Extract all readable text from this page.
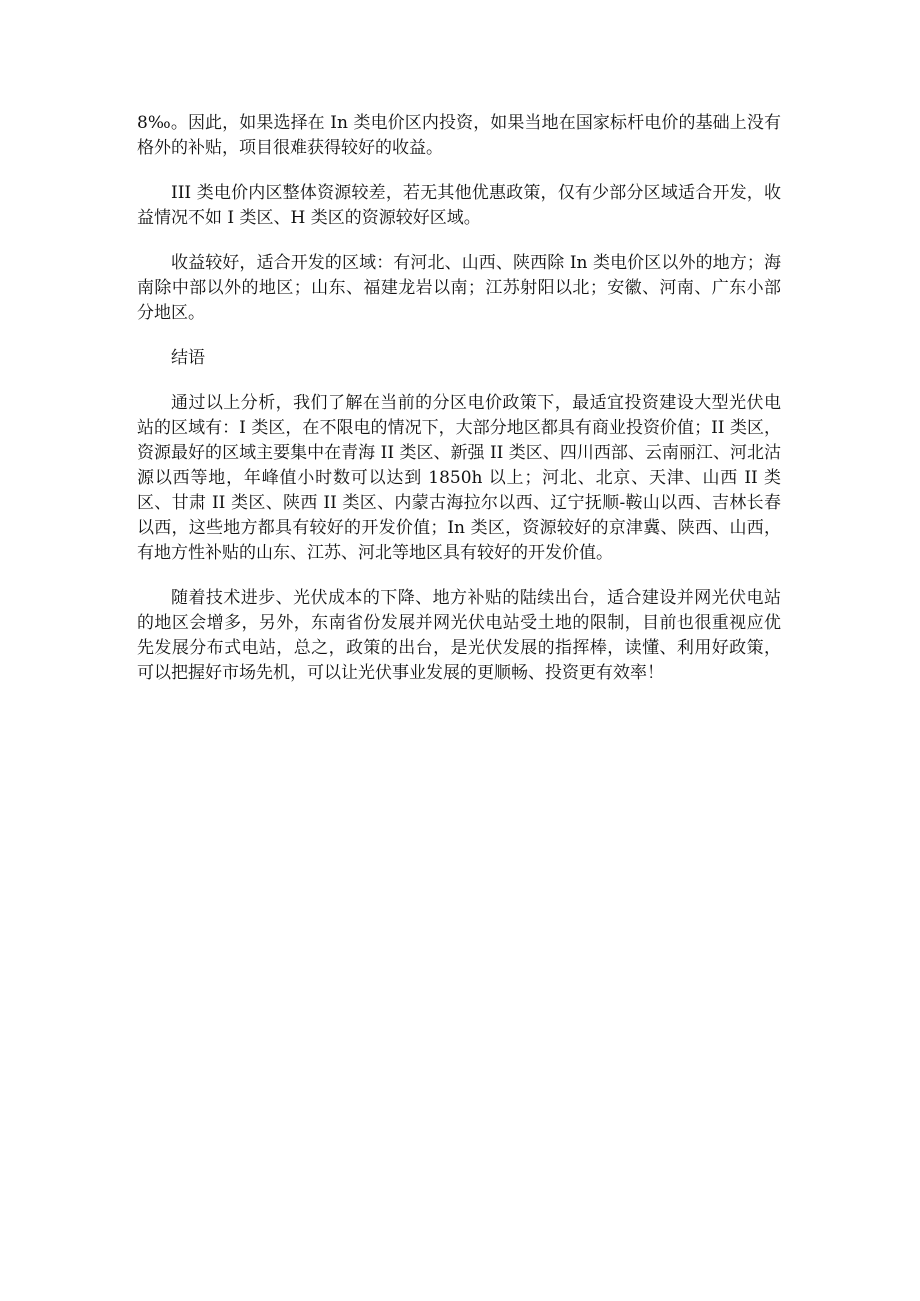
8‰。因此，如果选择在 In 类电价区内投资，如果当地在国家标杆电价的基础上没有格外的补贴，项目很难获得较好的收益。

III 类电价内区整体资源较差，若无其他优惠政策，仅有少部分区域适合开发，收益情况不如 I 类区、H 类区的资源较好区域。

收益较好，适合开发的区域：有河北、山西、陕西除 In 类电价区以外的地方；海南除中部以外的地区；山东、福建龙岩以南；江苏射阳以北；安徽、河南、广东小部分地区。

结语

通过以上分析，我们了解在当前的分区电价政策下，最适宜投资建设大型光伏电站的区域有：I 类区，在不限电的情况下，大部分地区都具有商业投资价值；II 类区，资源最好的区域主要集中在青海 II 类区、新强 II 类区、四川西部、云南丽江、河北沽源以西等地，年峰值小时数可以达到 1850h 以上；河北、北京、天津、山西 II 类区、甘肃 II 类区、陕西 II 类区、内蒙古海拉尔以西、辽宁抚顺-鞍山以西、吉林长春以西，这些地方都具有较好的开发价值；In 类区，资源较好的京津冀、陕西、山西，有地方性补贴的山东、江苏、河北等地区具有较好的开发价值。

随着技术进步、光伏成本的下降、地方补贴的陆续出台，适合建设并网光伏电站的地区会增多，另外，东南省份发展并网光伏电站受土地的限制，目前也很重视应优先发展分布式电站，总之，政策的出台，是光伏发展的指挥棒，读懂、利用好政策，可以把握好市场先机，可以让光伏事业发展的更顺畅、投资更有效率！
